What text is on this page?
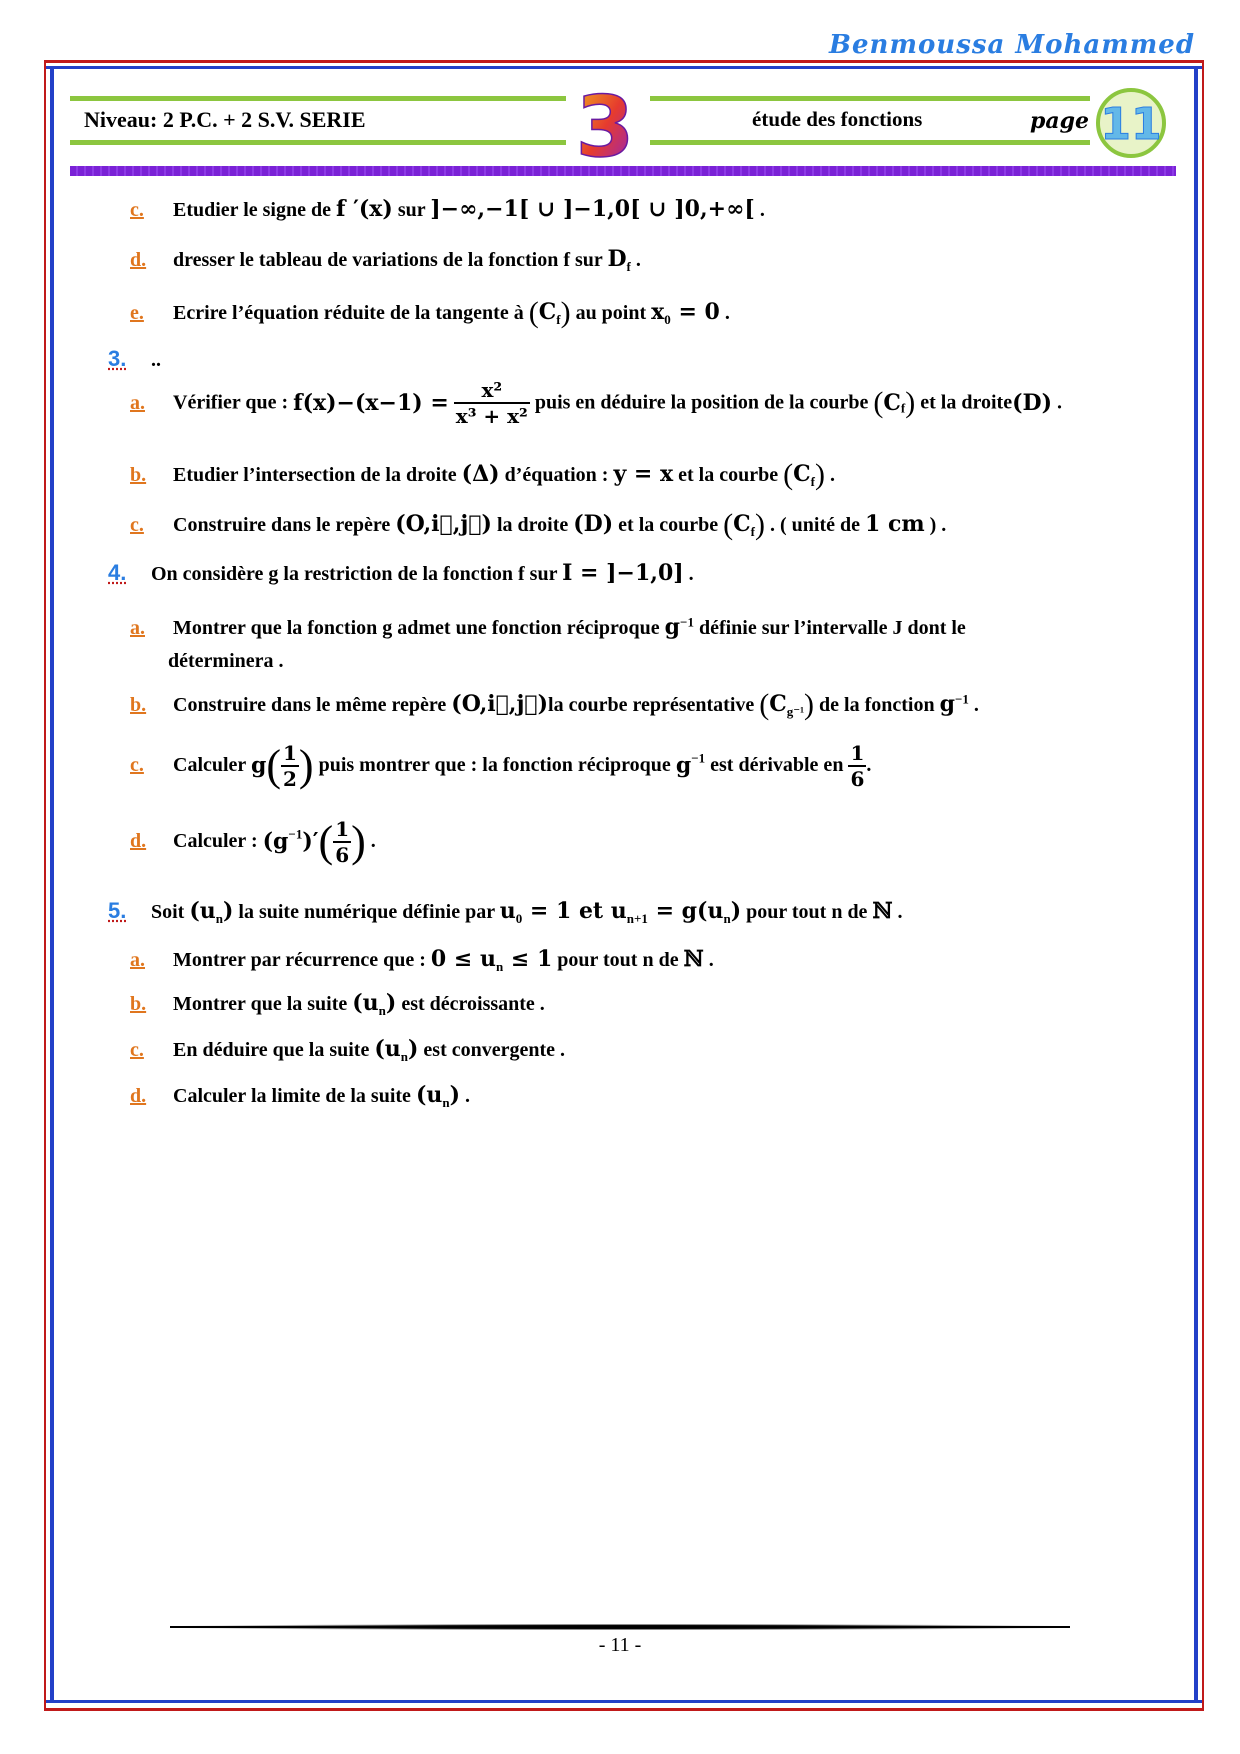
Benmoussa Mohammed
Niveau: 2 P.C. + 2 S.V. SERIE	3	étude des fonctions	page 11
c. Etudier le signe de f ′(x) sur ]−∞,−1[ ∪ ]−1,0[ ∪ ]0,+∞[ .
d. dresser le tableau de variations de la fonction f sur $D_f$ .
e. Ecrire l’équation réduite de la tangente à $(C_f)$ au point $x_0 = 0$ .
3. ..
a. Vérifier que : $f(x)-(x-1) = \frac{\text{x²}}{\text{x³ + x²}}$ puis en déduire la position de la courbe $(C_f)$ et la droite(D) .
b. Etudier l’intersection de la droite (Δ) d’équation : y = x et la courbe $(C_f)$ .
c. Construire dans le repère (O,i⃗,j⃗) la droite (D) et la courbe $(C_f)$ . ( unité de 1 cm ) .
4. On considère g la restriction de la fonction f sur I = ]−1,0] .
a. Montrer que la fonction g admet une fonction réciproque $g^{-1}$ définie sur l’intervalle J dont le
déterminera .
b. Construire dans le même repère (O,i⃗,j⃗)la courbe représentative $(C_{g^{-1}})$ de la fonction $g^{-1}$ .
c. Calculer $g( \frac{1}{2}$ ) puis montrer que : la fonction réciproque $g^{-1}$ est dérivable en $\frac{1}{6}$ .
d. Calculer : $(g^{-1})'( \frac{1}{6}$ ) .
5. Soit $(u_n)$ la suite numérique définie par $u_0 = 1$ et $u_{n+1} = g(u_n)$ pour tout n de ℕ .
a. Montrer par récurrence que : $0 \le u_n \le 1$ pour tout n de ℕ .
b. Montrer que la suite $(u_n)$ est décroissante .
c. En déduire que la suite $(u_n)$ est convergente .
d. Calculer la limite de la suite $(u_n)$ .
- 11 -
